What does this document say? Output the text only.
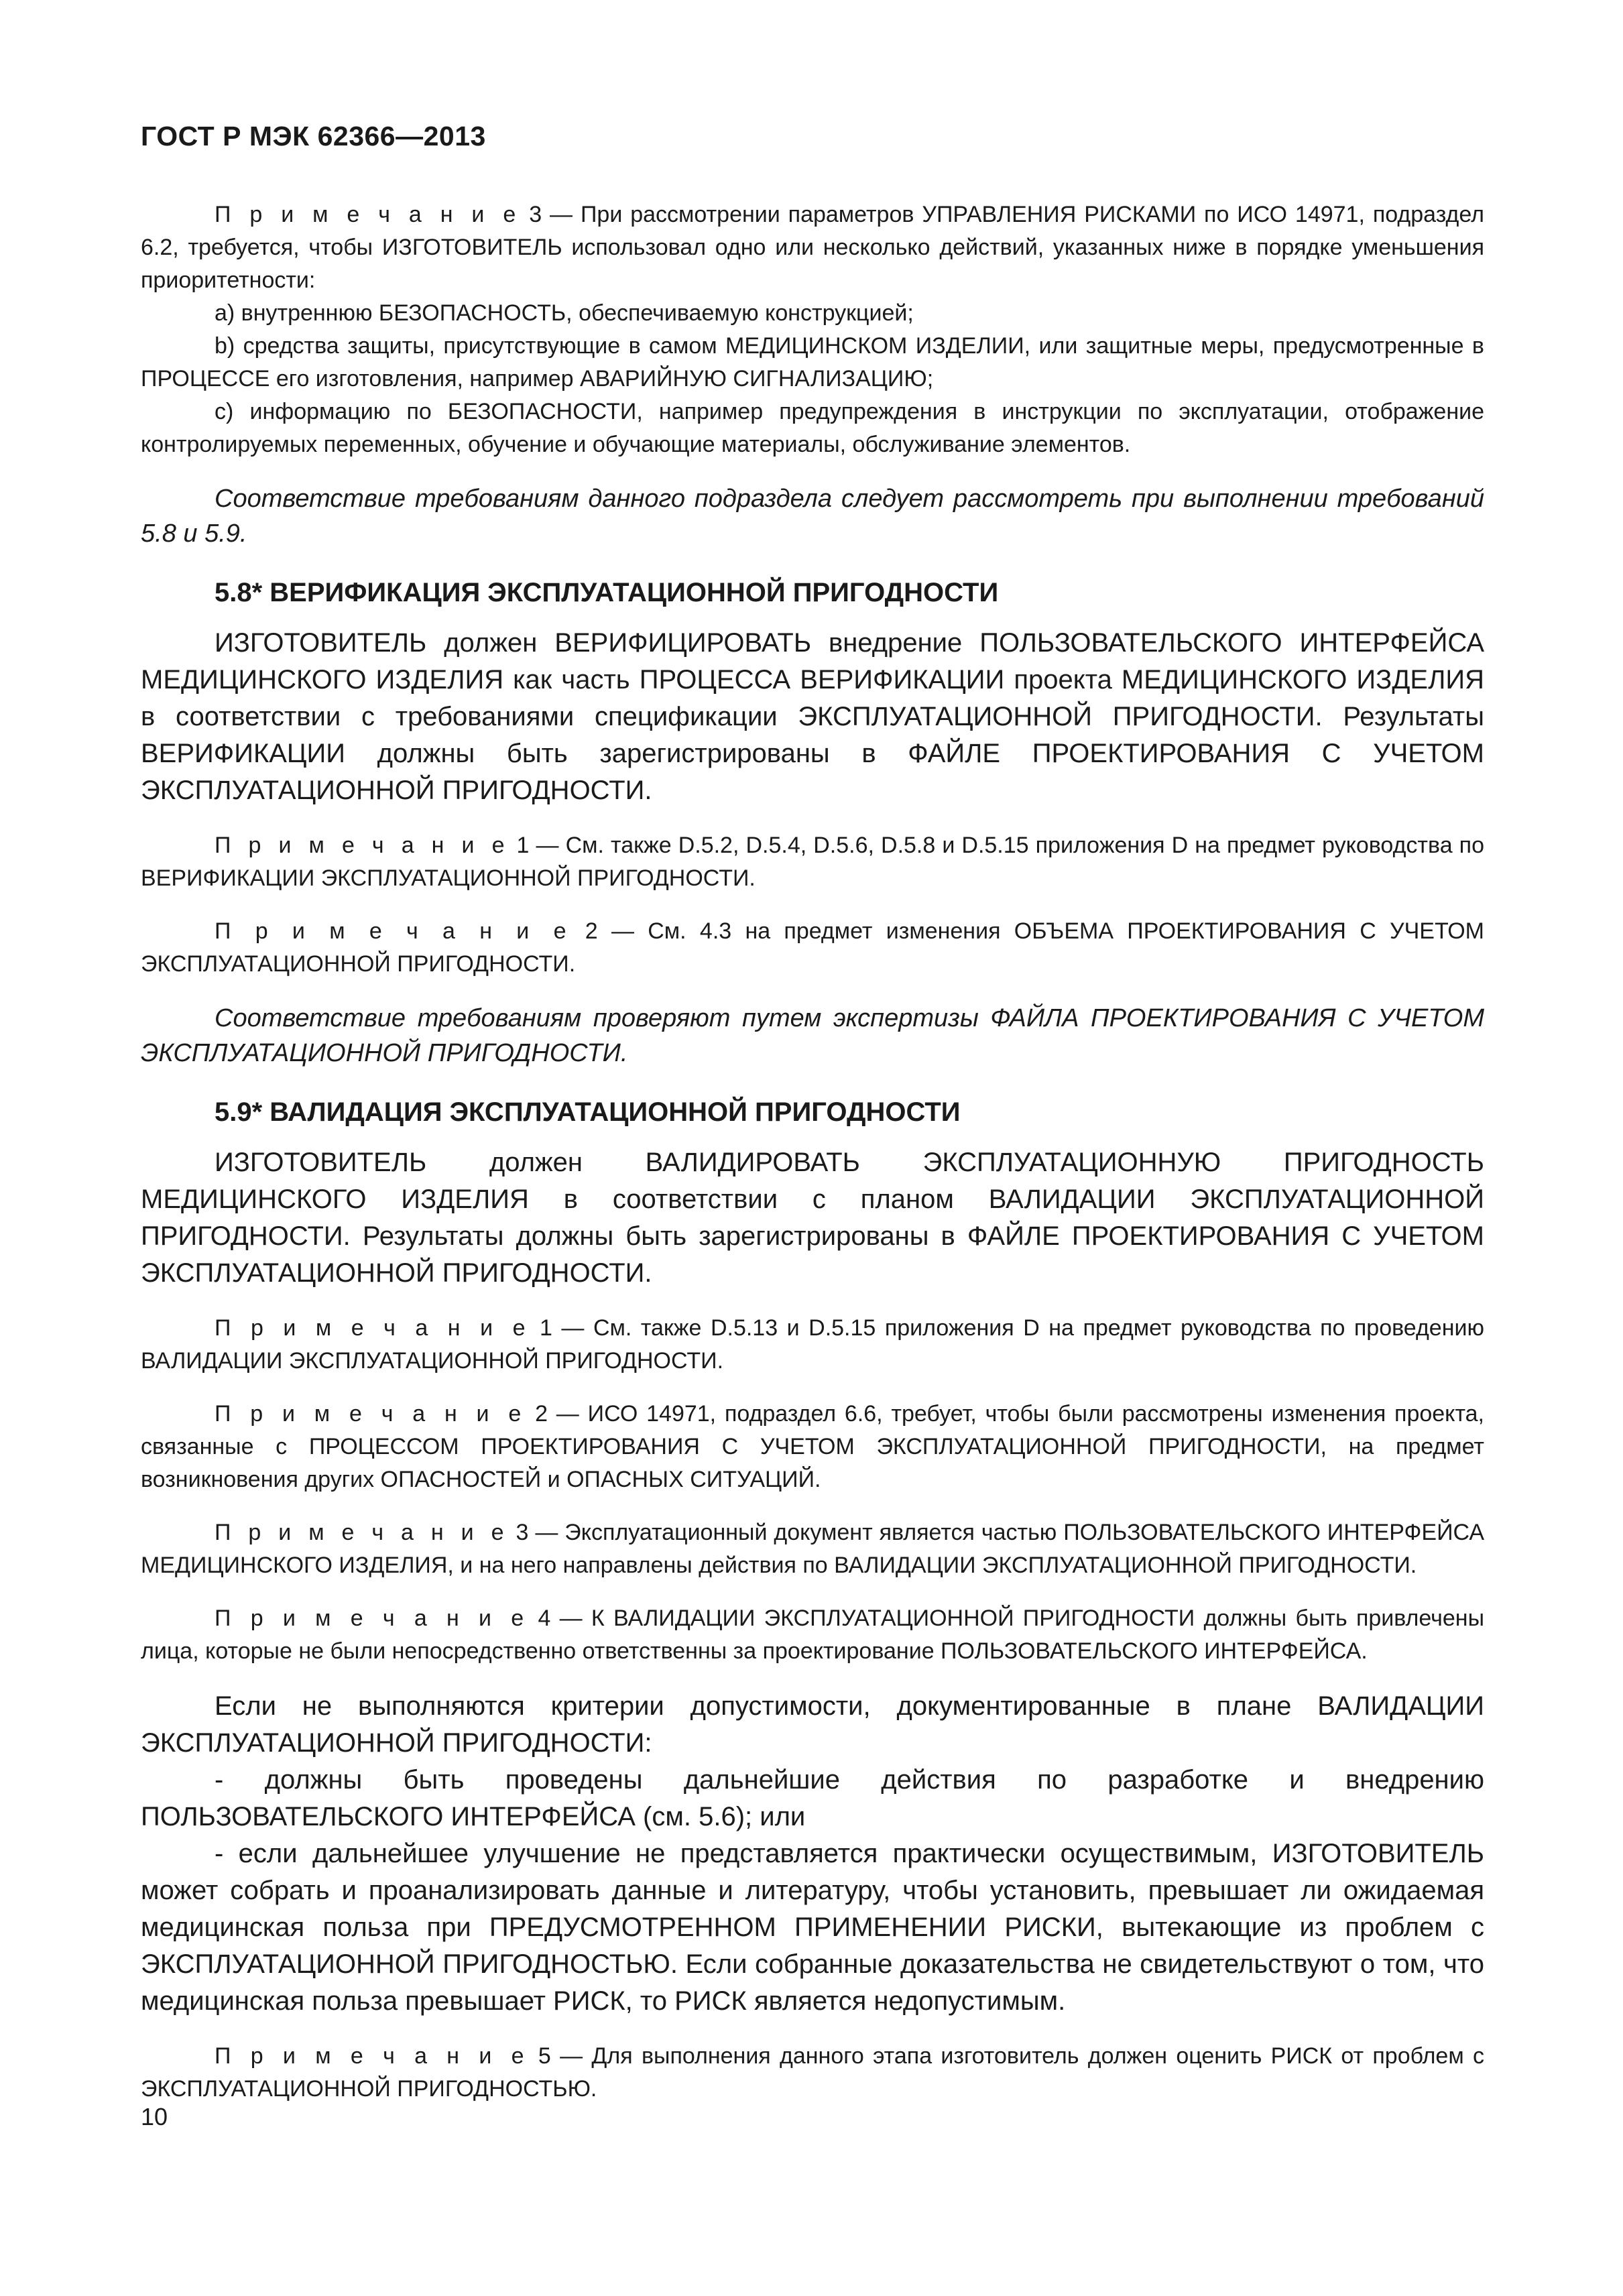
ГОСТ Р МЭК 62366—2013

П р и м е ч а н и е 3 — При рассмотрении параметров УПРАВЛЕНИЯ РИСКАМИ по ИСО 14971, подраздел 6.2, требуется, чтобы ИЗГОТОВИТЕЛЬ использовал одно или несколько действий, указанных ниже в порядке уменьшения приоритетности:

a) внутреннюю БЕЗОПАСНОСТЬ, обеспечиваемую конструкцией;

b) средства защиты, присутствующие в самом МЕДИЦИНСКОМ ИЗДЕЛИИ, или защитные меры, предусмотренные в ПРОЦЕССЕ его изготовления, например АВАРИЙНУЮ СИГНАЛИЗАЦИЮ;

c) информацию по БЕЗОПАСНОСТИ, например предупреждения в инструкции по эксплуатации, отображение контролируемых переменных, обучение и обучающие материалы, обслуживание элементов.

Соответствие требованиям данного подраздела следует рассмотреть при выполнении требований 5.8 и 5.9.

5.8* ВЕРИФИКАЦИЯ ЭКСПЛУАТАЦИОННОЙ ПРИГОДНОСТИ

ИЗГОТОВИТЕЛЬ должен ВЕРИФИЦИРОВАТЬ внедрение ПОЛЬЗОВАТЕЛЬСКОГО ИНТЕРФЕЙСА МЕДИЦИНСКОГО ИЗДЕЛИЯ как часть ПРОЦЕССА ВЕРИФИКАЦИИ проекта МЕДИЦИНСКОГО ИЗДЕЛИЯ в соответствии с требованиями спецификации ЭКСПЛУАТАЦИОННОЙ ПРИГОДНОСТИ. Результаты ВЕРИФИКАЦИИ должны быть зарегистрированы в ФАЙЛЕ ПРОЕКТИРОВАНИЯ С УЧЕТОМ ЭКСПЛУАТАЦИОННОЙ ПРИГОДНОСТИ.

П р и м е ч а н и е 1 — См. также D.5.2, D.5.4, D.5.6, D.5.8 и D.5.15 приложения D на предмет руководства по ВЕРИФИКАЦИИ ЭКСПЛУАТАЦИОННОЙ ПРИГОДНОСТИ.

П р и м е ч а н и е 2 — См. 4.3 на предмет изменения ОБЪЕМА ПРОЕКТИРОВАНИЯ С УЧЕТОМ ЭКСПЛУАТАЦИОННОЙ ПРИГОДНОСТИ.

Соответствие требованиям проверяют путем экспертизы ФАЙЛА ПРОЕКТИРОВАНИЯ С УЧЕТОМ ЭКСПЛУАТАЦИОННОЙ ПРИГОДНОСТИ.

5.9* ВАЛИДАЦИЯ ЭКСПЛУАТАЦИОННОЙ ПРИГОДНОСТИ

ИЗГОТОВИТЕЛЬ должен ВАЛИДИРОВАТЬ ЭКСПЛУАТАЦИОННУЮ ПРИГОДНОСТЬ МЕДИЦИНСКОГО ИЗДЕЛИЯ в соответствии с планом ВАЛИДАЦИИ ЭКСПЛУАТАЦИОННОЙ ПРИГОДНОСТИ. Результаты должны быть зарегистрированы в ФАЙЛЕ ПРОЕКТИРОВАНИЯ С УЧЕТОМ ЭКСПЛУАТАЦИОННОЙ ПРИГОДНОСТИ.

П р и м е ч а н и е 1 — См. также D.5.13 и D.5.15 приложения D на предмет руководства по проведению ВАЛИДАЦИИ ЭКСПЛУАТАЦИОННОЙ ПРИГОДНОСТИ.

П р и м е ч а н и е 2 — ИСО 14971, подраздел 6.6, требует, чтобы были рассмотрены изменения проекта, связанные с ПРОЦЕССОМ ПРОЕКТИРОВАНИЯ С УЧЕТОМ ЭКСПЛУАТАЦИОННОЙ ПРИГОДНОСТИ, на предмет возникновения других ОПАСНОСТЕЙ и ОПАСНЫХ СИТУАЦИЙ.

П р и м е ч а н и е 3 — Эксплуатационный документ является частью ПОЛЬЗОВАТЕЛЬСКОГО ИНТЕРФЕЙСА МЕДИЦИНСКОГО ИЗДЕЛИЯ, и на него направлены действия по ВАЛИДАЦИИ ЭКСПЛУАТАЦИОННОЙ ПРИГОДНОСТИ.

П р и м е ч а н и е 4 — К ВАЛИДАЦИИ ЭКСПЛУАТАЦИОННОЙ ПРИГОДНОСТИ должны быть привлечены лица, которые не были непосредственно ответственны за проектирование ПОЛЬЗОВАТЕЛЬСКОГО ИНТЕРФЕЙСА.

Если не выполняются критерии допустимости, документированные в плане ВАЛИДАЦИИ ЭКСПЛУАТАЦИОННОЙ ПРИГОДНОСТИ:

- должны быть проведены дальнейшие действия по разработке и внедрению ПОЛЬЗОВАТЕЛЬСКОГО ИНТЕРФЕЙСА (см. 5.6); или

- если дальнейшее улучшение не представляется практически осуществимым, ИЗГОТОВИТЕЛЬ может собрать и проанализировать данные и литературу, чтобы установить, превышает ли ожидаемая медицинская польза при ПРЕДУСМОТРЕННОМ ПРИМЕНЕНИИ РИСКИ, вытекающие из проблем с ЭКСПЛУАТАЦИОННОЙ ПРИГОДНОСТЬЮ. Если собранные доказательства не свидетельствуют о том, что медицинская польза превышает РИСК, то РИСК является недопустимым.

П р и м е ч а н и е 5 — Для выполнения данного этапа изготовитель должен оценить РИСК от проблем с ЭКСПЛУАТАЦИОННОЙ ПРИГОДНОСТЬЮ.

10
